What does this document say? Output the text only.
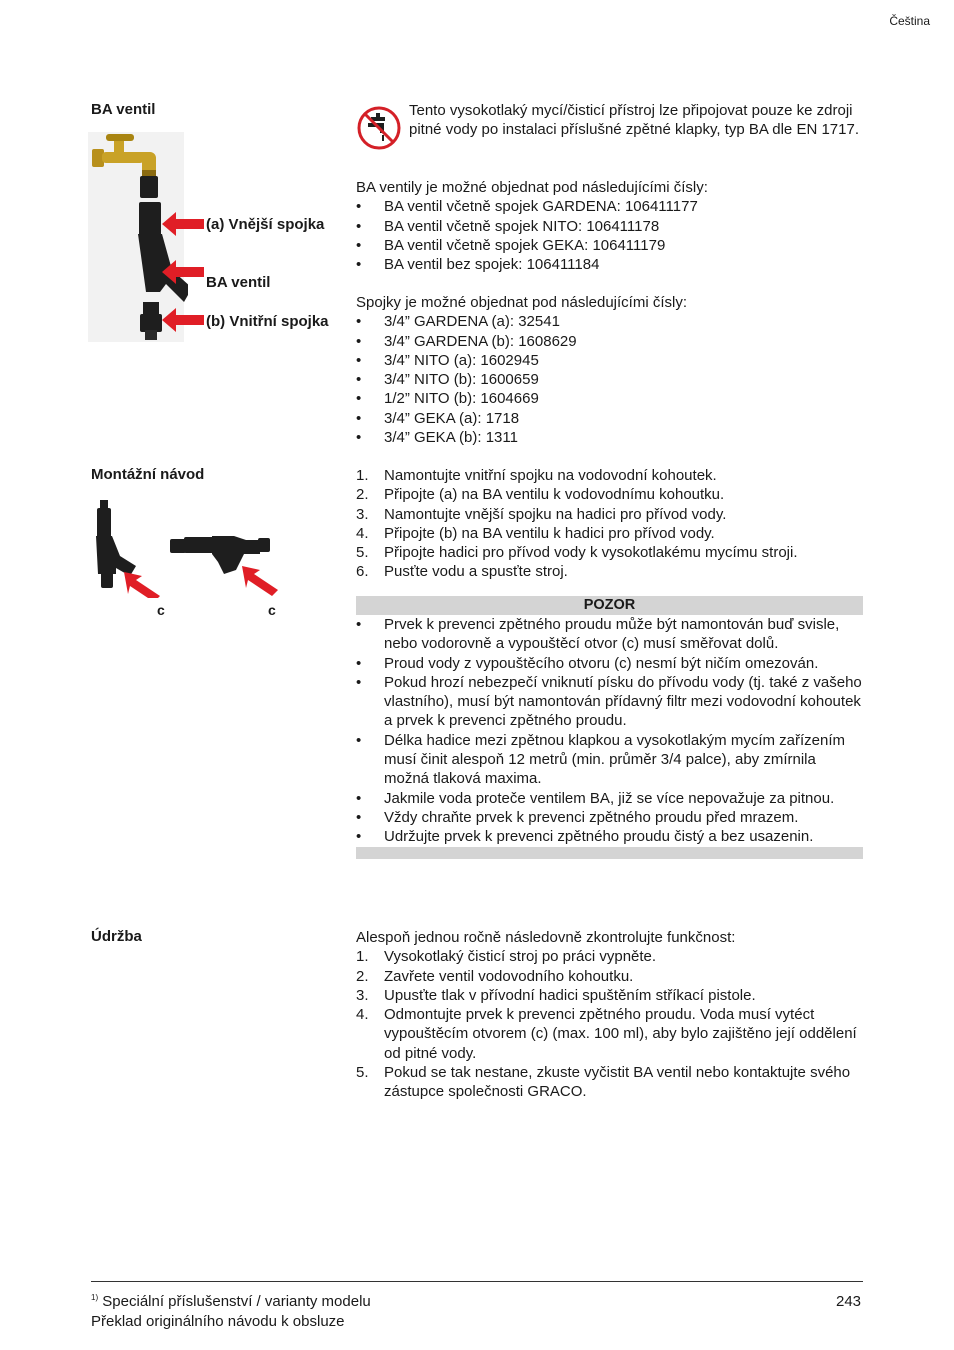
Čeština
BA ventil
(a) Vnější spojka
BA ventil
(b) Vnitřní spojka
Tento vysokotlaký mycí/čisticí přístroj lze připojovat pouze ke zdroji pitné vody po instalaci příslušné zpětné klapky, typ BA dle EN 1717.

BA ventily je možné objednat pod následujícími čísly:

• BA ventil včetně spojek GARDENA: 106411177
• BA ventil včetně spojek NITO: 106411178
• BA ventil včetně spojek GEKA: 106411179
• BA ventil bez spojek: 106411184

Spojky je možné objednat pod následujícími čísly:

• 3/4” GARDENA (a): 32541
• 3/4” GARDENA (b): 1608629
• 3/4” NITO (a): 1602945
• 3/4” NITO (b): 1600659
• 1/2” NITO (b): 1604669
• 3/4” GEKA (a): 1718
• 3/4” GEKA (b): 1311
Montážní návod
c	c
1. Namontujte vnitřní spojku na vodovodní kohoutek.
2. Připojte (a) na BA ventilu k vodovodnímu kohoutku.
3. Namontujte vnější spojku na hadici pro přívod vody.
4. Připojte (b) na BA ventilu k hadici pro přívod vody.
5. Připojte hadici pro přívod vody k vysokotlakému mycímu stroji.
6. Pusťte vodu a spusťte stroj.
POZOR
• Prvek k prevenci zpětného proudu může být namontován buď svisle, nebo vodorovně a vypouštěcí otvor (c) musí směřovat dolů.
• Proud vody z vypouštěcího otvoru (c) nesmí být ničím omezován.
• Pokud hrozí nebezpečí vniknutí písku do přívodu vody (tj. také z vašeho vlastního), musí být namontován přídavný filtr mezi vodovodní kohoutek a prvek k prevenci zpětného proudu.
• Délka hadice mezi zpětnou klapkou a vysokotlakým mycím zařízením musí činit alespoň 12 metrů (min. průměr 3/4 palce), aby zmírnila možná tlaková maxima.
• Jakmile voda proteče ventilem BA, již se více nepovažuje za pitnou.
• Vždy chraňte prvek k prevenci zpětného proudu před mrazem.
• Udržujte prvek k prevenci zpětného proudu čistý a bez usazenin.
Údržba	Alespoň jednou ročně následovně zkontrolujte funkčnost:

1. Vysokotlaký čisticí stroj po práci vypněte.
2. Zavřete ventil vodovodního kohoutku.
3. Upusťte tlak v přívodní hadici spuštěním stříkací pistole.
4. Odmontujte prvek k prevenci zpětného proudu. Voda musí vytéct vypouštěcím otvorem (c) (max. 100 ml), aby bylo zajištěno její oddělení od pitné vody.
5. Pokud se tak nestane, zkuste vyčistit BA ventil nebo kontaktujte svého zástupce společnosti GRACO.
$^{1)}$ Speciální příslušenství / varianty modelu
Překlad originálního návodu k obsluze
243
